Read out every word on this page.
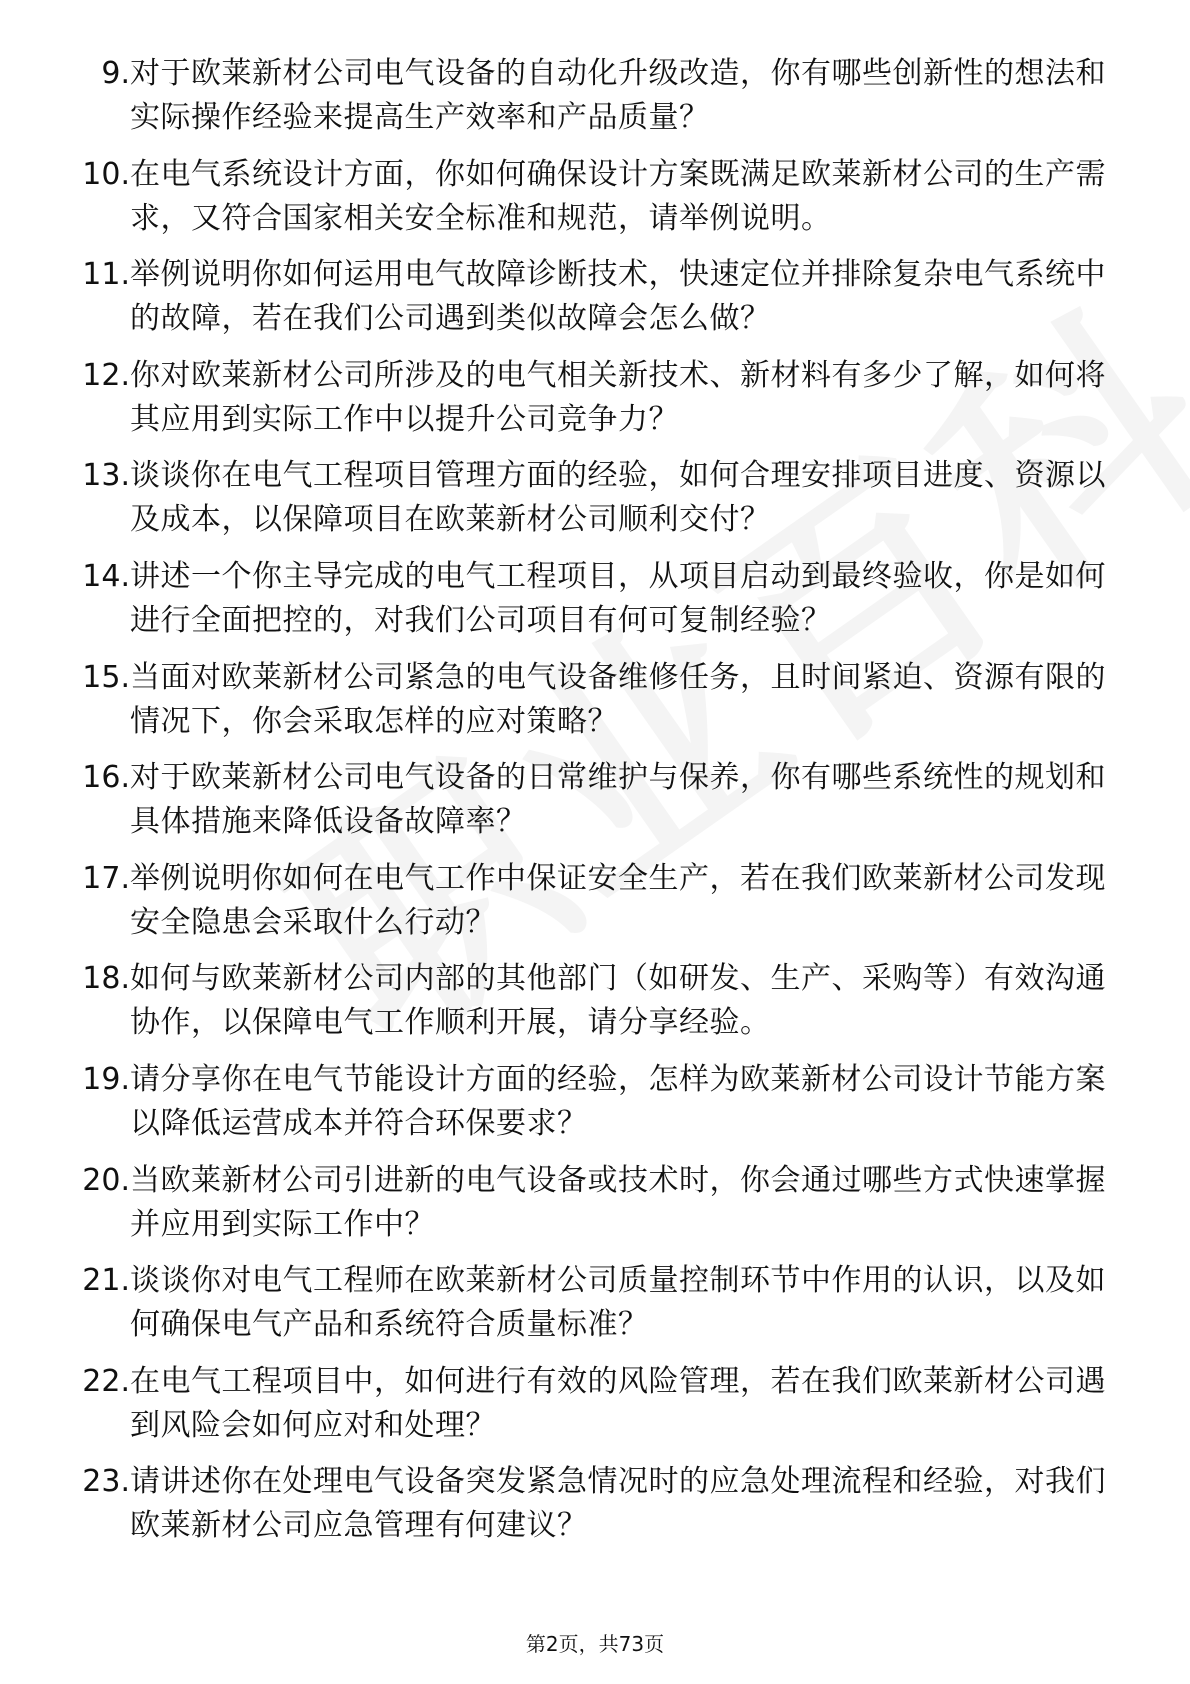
9. 对于欧莱新材公司电气设备的自动化升级改造，你有哪些创新性的想法和实际操作经验来提高生产效率和产品质量？
10. 在电气系统设计方面，你如何确保设计方案既满足欧莱新材公司的生产需求，又符合国家相关安全标准和规范，请举例说明。
11. 举例说明你如何运用电气故障诊断技术，快速定位并排除复杂电气系统中的故障，若在我们公司遇到类似故障会怎么做？
12. 你对欧莱新材公司所涉及的电气相关新技术、新材料有多少了解，如何将其应用到实际工作中以提升公司竞争力？
13. 谈谈你在电气工程项目管理方面的经验，如何合理安排项目进度、资源以及成本，以保障项目在欧莱新材公司顺利交付？
14. 讲述一个你主导完成的电气工程项目，从项目启动到最终验收，你是如何进行全面把控的，对我们公司项目有何可复制经验？
15. 当面对欧莱新材公司紧急的电气设备维修任务，且时间紧迫、资源有限的情况下，你会采取怎样的应对策略？
16. 对于欧莱新材公司电气设备的日常维护与保养，你有哪些系统性的规划和具体措施来降低设备故障率？
17. 举例说明你如何在电气工作中保证安全生产，若在我们欧莱新材公司发现安全隐患会采取什么行动？
18. 如何与欧莱新材公司内部的其他部门（如研发、生产、采购等）有效沟通协作，以保障电气工作顺利开展，请分享经验。
19. 请分享你在电气节能设计方面的经验，怎样为欧莱新材公司设计节能方案以降低运营成本并符合环保要求？
20. 当欧莱新材公司引进新的电气设备或技术时，你会通过哪些方式快速掌握并应用到实际工作中？
21. 谈谈你对电气工程师在欧莱新材公司质量控制环节中作用的认识，以及如何确保电气产品和系统符合质量标准？
22. 在电气工程项目中，如何进行有效的风险管理，若在我们欧莱新材公司遇到风险会如何应对和处理？
23. 请讲述你在处理电气设备突发紧急情况时的应急处理流程和经验，对我们欧莱新材公司应急管理有何建议？
第2页，共73页
